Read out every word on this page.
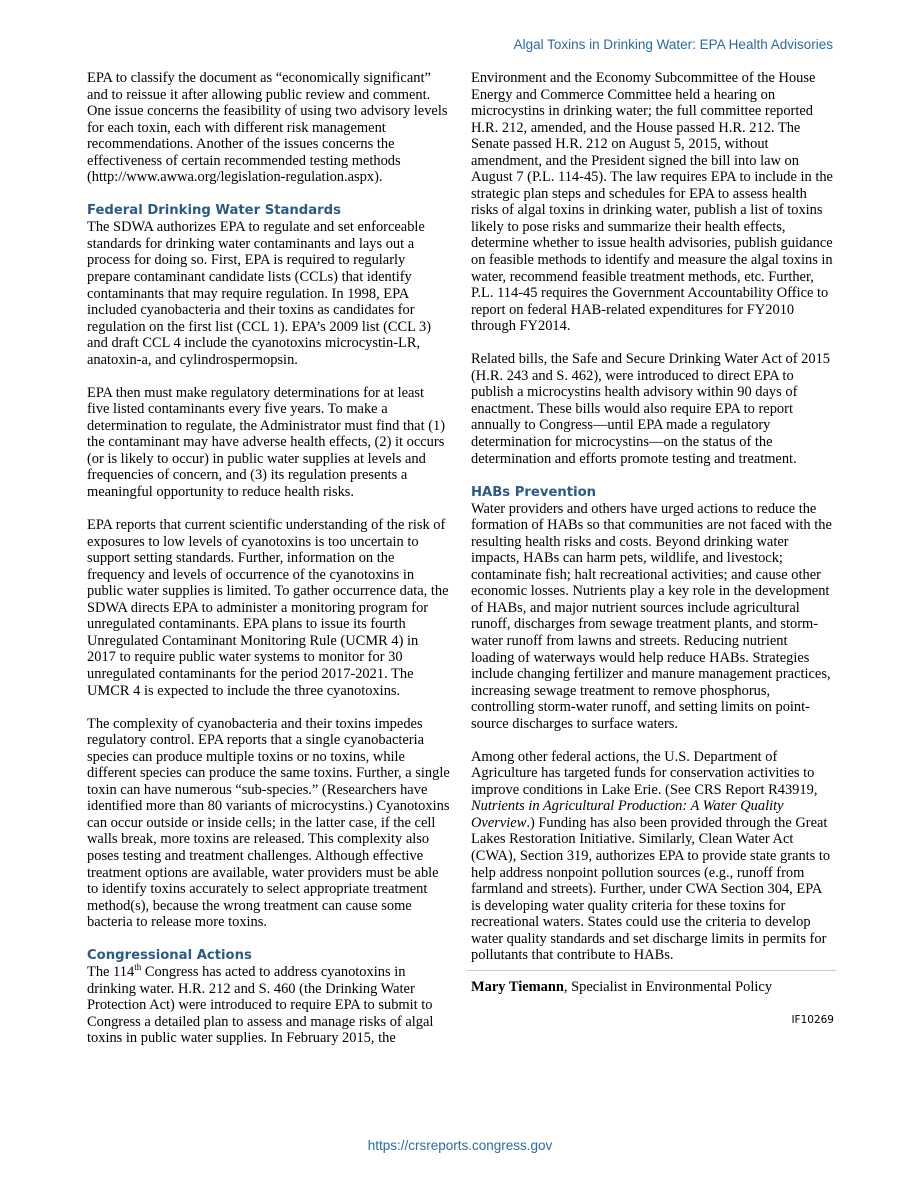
Algal Toxins in Drinking Water: EPA Health Advisories

EPA to classify the document as “economically significant” and to reissue it after allowing public review and comment. One issue concerns the feasibility of using two advisory levels for each toxin, each with different risk management recommendations. Another of the issues concerns the effectiveness of certain recommended testing methods (http://www.awwa.org/legislation-regulation.aspx).

Federal Drinking Water Standards

The SDWA authorizes EPA to regulate and set enforceable standards for drinking water contaminants and lays out a process for doing so. First, EPA is required to regularly prepare contaminant candidate lists (CCLs) that identify contaminants that may require regulation. In 1998, EPA included cyanobacteria and their toxins as candidates for regulation on the first list (CCL 1). EPA’s 2009 list (CCL 3) and draft CCL 4 include the cyanotoxins microcystin-LR, anatoxin-a, and cylindrospermopsin.

EPA then must make regulatory determinations for at least five listed contaminants every five years. To make a determination to regulate, the Administrator must find that (1) the contaminant may have adverse health effects, (2) it occurs (or is likely to occur) in public water supplies at levels and frequencies of concern, and (3) its regulation presents a meaningful opportunity to reduce health risks.

EPA reports that current scientific understanding of the risk of exposures to low levels of cyanotoxins is too uncertain to support setting standards. Further, information on the frequency and levels of occurrence of the cyanotoxins in public water supplies is limited. To gather occurrence data, the SDWA directs EPA to administer a monitoring program for unregulated contaminants. EPA plans to issue its fourth Unregulated Contaminant Monitoring Rule (UCMR 4) in 2017 to require public water systems to monitor for 30 unregulated contaminants for the period 2017-2021. The UMCR 4 is expected to include the three cyanotoxins.

The complexity of cyanobacteria and their toxins impedes regulatory control. EPA reports that a single cyanobacteria species can produce multiple toxins or no toxins, while different species can produce the same toxins. Further, a single toxin can have numerous “sub-species.” (Researchers have identified more than 80 variants of microcystins.) Cyanotoxins can occur outside or inside cells; in the latter case, if the cell walls break, more toxins are released. This complexity also poses testing and treatment challenges. Although effective treatment options are available, water providers must be able to identify toxins accurately to select appropriate treatment method(s), because the wrong treatment can cause some bacteria to release more toxins.

Congressional Actions

The 114th Congress has acted to address cyanotoxins in drinking water. H.R. 212 and S. 460 (the Drinking Water Protection Act) were introduced to require EPA to submit to Congress a detailed plan to assess and manage risks of algal toxins in public water supplies. In February 2015, the

Environment and the Economy Subcommittee of the House Energy and Commerce Committee held a hearing on microcystins in drinking water; the full committee reported H.R. 212, amended, and the House passed H.R. 212. The Senate passed H.R. 212 on August 5, 2015, without amendment, and the President signed the bill into law on August 7 (P.L. 114-45). The law requires EPA to include in the strategic plan steps and schedules for EPA to assess health risks of algal toxins in drinking water, publish a list of toxins likely to pose risks and summarize their health effects, determine whether to issue health advisories, publish guidance on feasible methods to identify and measure the algal toxins in water, recommend feasible treatment methods, etc. Further, P.L. 114-45 requires the Government Accountability Office to report on federal HAB-related expenditures for FY2010 through FY2014.

Related bills, the Safe and Secure Drinking Water Act of 2015 (H.R. 243 and S. 462), were introduced to direct EPA to publish a microcystins health advisory within 90 days of enactment. These bills would also require EPA to report annually to Congress—until EPA made a regulatory determination for microcystins—on the status of the determination and efforts promote testing and treatment.

HABs Prevention

Water providers and others have urged actions to reduce the formation of HABs so that communities are not faced with the resulting health risks and costs. Beyond drinking water impacts, HABs can harm pets, wildlife, and livestock; contaminate fish; halt recreational activities; and cause other economic losses. Nutrients play a key role in the development of HABs, and major nutrient sources include agricultural runoff, discharges from sewage treatment plants, and storm-water runoff from lawns and streets. Reducing nutrient loading of waterways would help reduce HABs. Strategies include changing fertilizer and manure management practices, increasing sewage treatment to remove phosphorus, controlling storm-water runoff, and setting limits on point-source discharges to surface waters.

Among other federal actions, the U.S. Department of Agriculture has targeted funds for conservation activities to improve conditions in Lake Erie. (See CRS Report R43919, Nutrients in Agricultural Production: A Water Quality Overview.) Funding has also been provided through the Great Lakes Restoration Initiative. Similarly, Clean Water Act (CWA), Section 319, authorizes EPA to provide state grants to help address nonpoint pollution sources (e.g., runoff from farmland and streets). Further, under CWA Section 304, EPA is developing water quality criteria for these toxins for recreational waters. States could use the criteria to develop water quality standards and set discharge limits in permits for pollutants that contribute to HABs.

Mary Tiemann, Specialist in Environmental Policy

IF10269

https://crsreports.congress.gov
